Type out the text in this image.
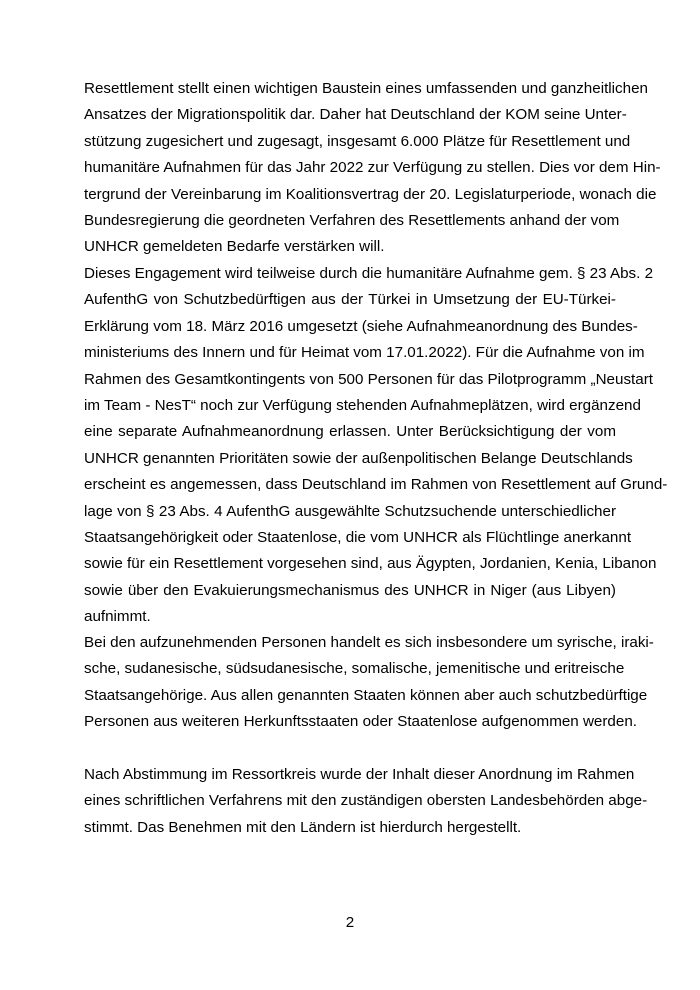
Resettlement stellt einen wichtigen Baustein eines umfassenden und ganzheitlichen
Ansatzes der Migrationspolitik dar. Daher hat Deutschland der KOM seine Unter-
stützung zugesichert und zugesagt, insgesamt 6.000 Plätze für Resettlement und
humanitäre Aufnahmen für das Jahr 2022 zur Verfügung zu stellen. Dies vor dem Hin-
tergrund der Vereinbarung im Koalitionsvertrag der 20. Legislaturperiode, wonach die
Bundesregierung die geordneten Verfahren des Resettlements anhand der vom
UNHCR gemeldeten Bedarfe verstärken will.
Dieses Engagement wird teilweise durch die humanitäre Aufnahme gem. § 23 Abs. 2
AufenthG von Schutzbedürftigen aus der Türkei in Umsetzung der EU-Türkei-
Erklärung vom 18. März 2016 umgesetzt (siehe Aufnahmeanordnung des Bundes-
ministeriums des Innern und für Heimat vom 17.01.2022). Für die Aufnahme von im
Rahmen des Gesamtkontingents von 500 Personen für das Pilotprogramm „Neustart
im Team - NesT“ noch zur Verfügung stehenden Aufnahmeplätzen, wird ergänzend
eine separate Aufnahmeanordnung erlassen. Unter Berücksichtigung der vom
UNHCR genannten Prioritäten sowie der außenpolitischen Belange Deutschlands
erscheint es angemessen, dass Deutschland im Rahmen von Resettlement auf Grund-
lage von § 23 Abs. 4 AufenthG ausgewählte Schutzsuchende unterschiedlicher
Staatsangehörigkeit oder Staatenlose, die vom UNHCR als Flüchtlinge anerkannt
sowie für ein Resettlement vorgesehen sind, aus Ägypten, Jordanien, Kenia, Libanon
sowie über den Evakuierungsmechanismus des UNHCR in Niger (aus Libyen)
aufnimmt.
Bei den aufzunehmenden Personen handelt es sich insbesondere um syrische, iraki-
sche, sudanesische, südsudanesische, somalische, jemenitische und eritreische
Staatsangehörige. Aus allen genannten Staaten können aber auch schutzbedürftige
Personen aus weiteren Herkunftsstaaten oder Staatenlose aufgenommen werden.
Nach Abstimmung im Ressortkreis wurde der Inhalt dieser Anordnung im Rahmen
eines schriftlichen Verfahrens mit den zuständigen obersten Landesbehörden abge-
stimmt. Das Benehmen mit den Ländern ist hierdurch hergestellt.
2
